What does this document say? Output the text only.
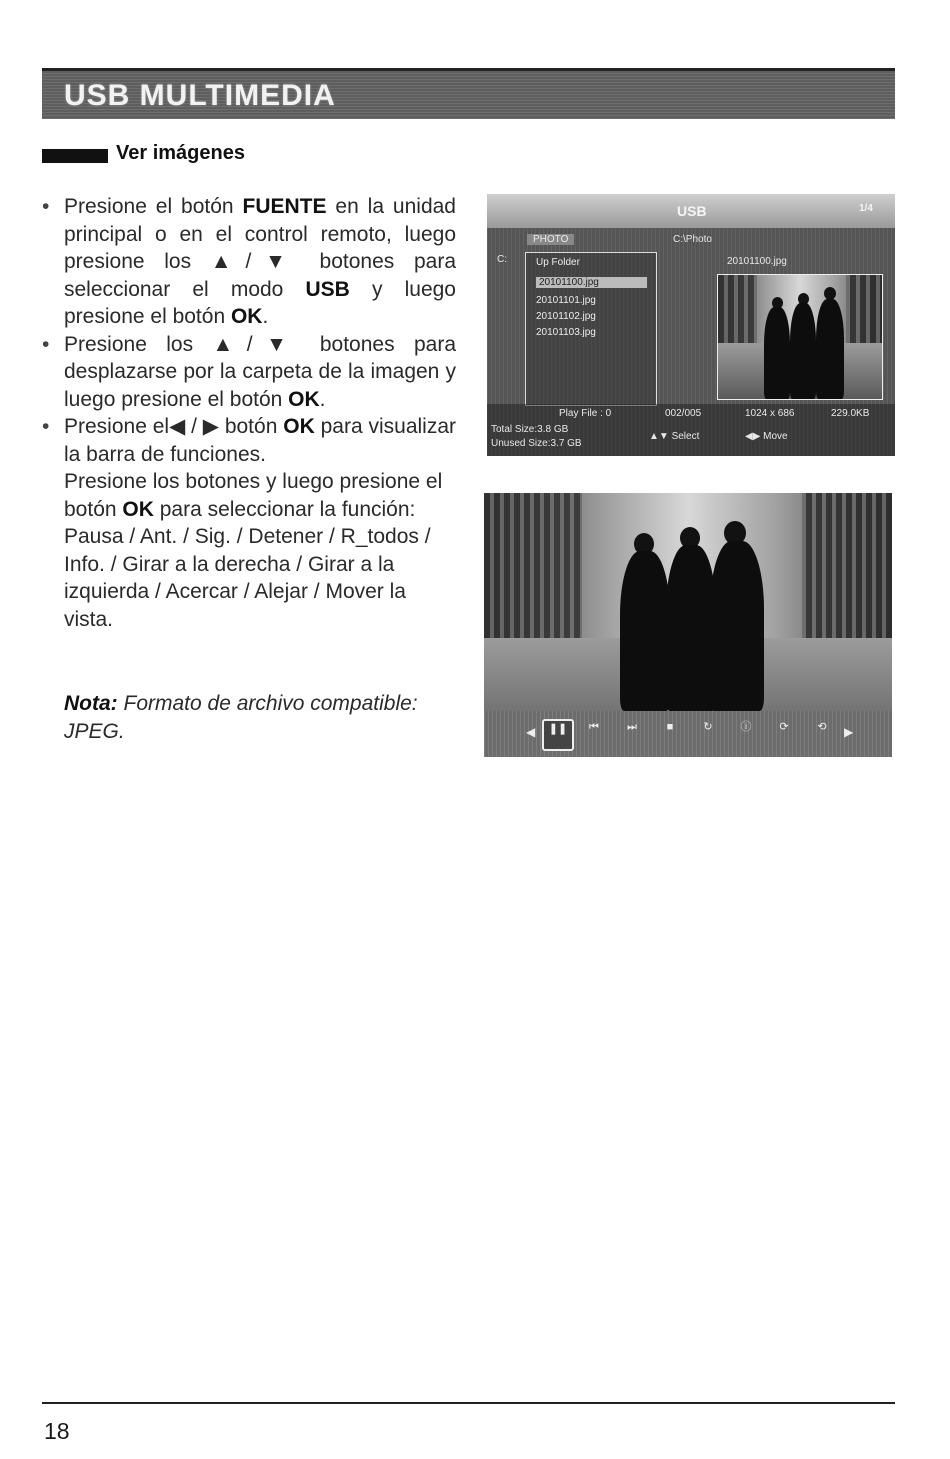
USB MULTIMEDIA
Ver imágenes
• Presione el botón FUENTE en la unidad principal o en el control remoto, luego presione los ▲/▼ botones para seleccionar el modo USB y luego presione el botón OK.
• Presione los ▲/▼ botones para desplazarse por la carpeta de la imagen y luego presione el botón OK.
• Presione el◀ / ▶ botón OK para visualizar la barra de funciones.
Presione los botones y luego presione el botón OK para seleccionar la función: Pausa / Ant. / Sig. / Detener / R_todos / Info. / Girar a la derecha / Girar a la izquierda / Acercar / Alejar / Mover la vista.
Nota: Formato de archivo compatible: JPEG.
USB	1/4
PHOTO	C:\Photo
C:	Up Folder
20101100.jpg
20101101.jpg
20101102.jpg
20101103.jpg
20101100.jpg
Play File : 0	002/005	1024 x 686	229.0KB
Total Size:3.8 GB
Unused Size:3.7 GB
▲▼ Select	◀▶ Move
◀	❚❚	⏮	⏭	■	↻	ⓘ	⟳	⟲	▶
18
